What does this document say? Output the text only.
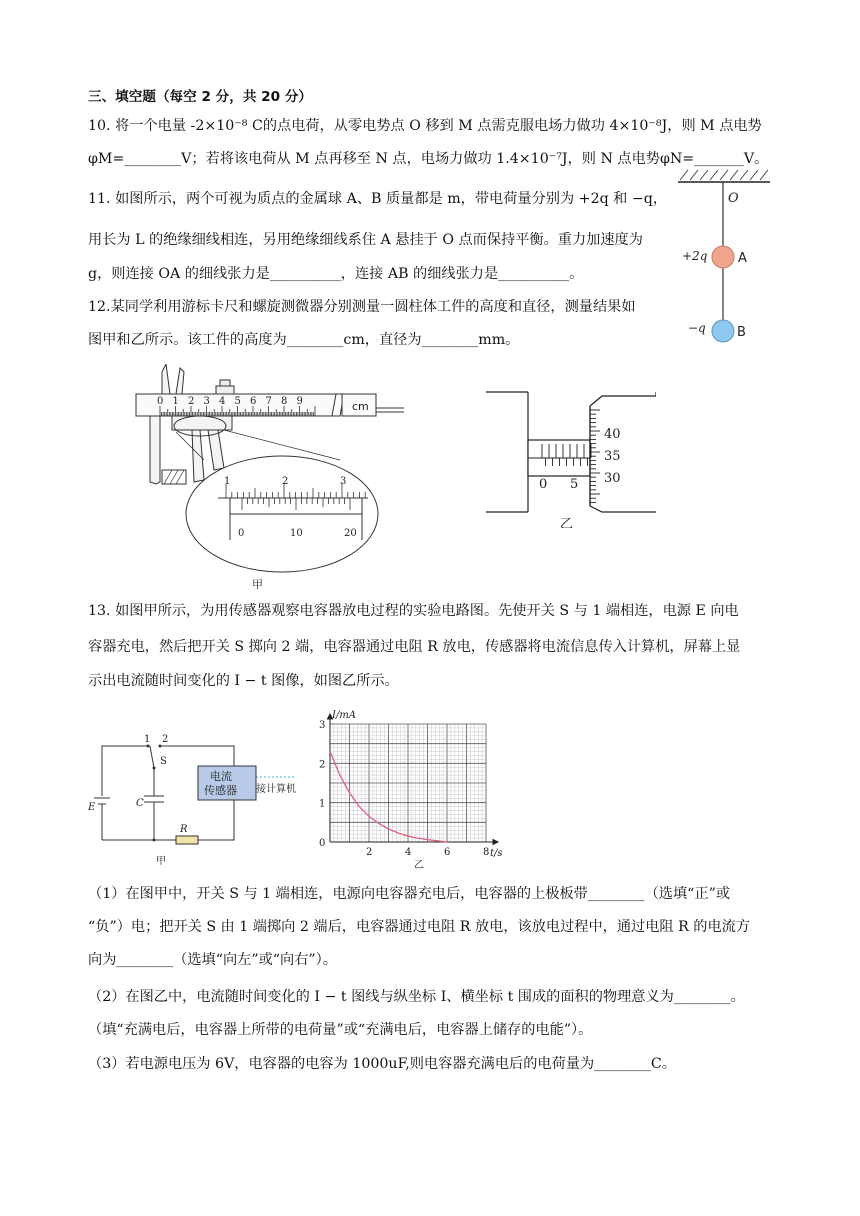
三、填空题（每空 2 分，共 20 分）
10. 将一个电量 -2×10⁻⁸ C的点电荷，从零电势点 O 移到 M 点需克服电场力做功 4×10⁻⁸J，则 M 点电势
φM=________V；若将该电荷从 M 点再移至 N 点，电场力做功 1.4×10⁻⁷J，则 N 点电势φN=_______V。
11. 如图所示，两个可视为质点的金属球 A、B 质量都是 m，带电荷量分别为 +2q 和 −q，
用长为 L 的绝缘细线相连，另用绝缘细线系住 A 悬挂于 O 点而保持平衡。重力加速度为
g，则连接 OA 的细线张力是__________，连接 AB 的细线张力是__________。
12.某同学利用游标卡尺和螺旋测微器分别测量一圆柱体工件的高度和直径，测量结果如
图甲和乙所示。该工件的高度为________cm，直径为________mm。
13. 如图甲所示，为用传感器观察电容器放电过程的实验电路图。先使开关 S 与 1 端相连，电源 E 向电
容器充电，然后把开关 S 掷向 2 端，电容器通过电阻 R 放电，传感器将电流信息传入计算机，屏幕上显
示出电流随时间变化的 I − t 图像，如图乙所示。
（1）在图甲中，开关 S 与 1 端相连，电源向电容器充电后，电容器的上极板带________（选填“正”或
“负”）电；把开关 S 由 1 端掷向 2 端后，电容器通过电阻 R 放电，该放电过程中，通过电阻 R 的电流方
向为________（选填“向左”或“向右”）。
（2）在图乙中，电流随时间变化的 I − t 图线与纵坐标 I、横坐标 t 围成的面积的物理意义为________。
（填“充满电后，电容器上所带的电荷量”或“充满电后，电容器上储存的电能”）。
（3）若电源电压为 6V，电容器的电容为 1000uF,则电容器充满电后的电荷量为________C。
O
A
+2q
B
−q
cm
0 1 2 3 4 5 6 7 8 9
1	2	3
0	10	20
甲
0 5
40
35
30
乙
电流
传感器 接计算机
1 2
S
E	C
R
甲
2	4	6	8
0
1
2
3
I/mA
t/s
乙
